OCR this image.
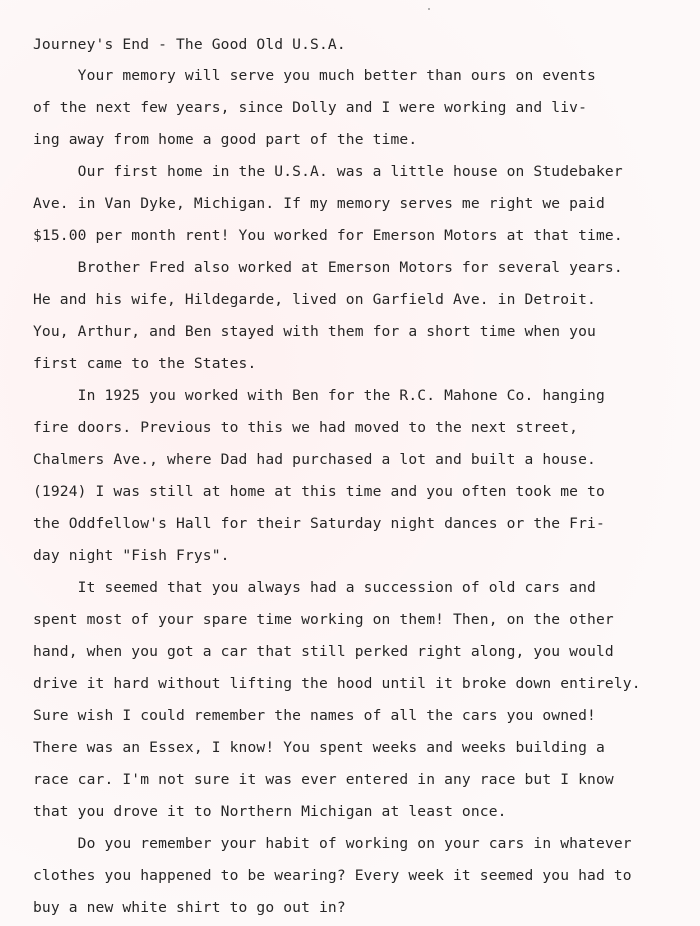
Journey's End - The Good Old U.S.A.
Your memory will serve you much better than ours on events
of the next few years, since Dolly and I were working and liv-
ing away from home a good part of the time.
Our first home in the U.S.A. was a little house on Studebaker
Ave. in Van Dyke, Michigan. If my memory serves me right we paid
$15.00 per month rent! You worked for Emerson Motors at that time.
Brother Fred also worked at Emerson Motors for several years.
He and his wife, Hildegarde, lived on Garfield Ave. in Detroit.
You, Arthur, and Ben stayed with them for a short time when you
first came to the States.
In 1925 you worked with Ben for the R.C. Mahone Co. hanging
fire doors. Previous to this we had moved to the next street,
Chalmers Ave., where Dad had purchased a lot and built a house.
(1924) I was still at home at this time and you often took me to
the Oddfellow's Hall for their Saturday night dances or the Fri-
day night "Fish Frys".
It seemed that you always had a succession of old cars and
spent most of your spare time working on them! Then, on the other
hand, when you got a car that still perked right along, you would
drive it hard without lifting the hood until it broke down entirely.
Sure wish I could remember the names of all the cars you owned!
There was an Essex, I know! You spent weeks and weeks building a
race car. I'm not sure it was ever entered in any race but I know
that you drove it to Northern Michigan at least once.
Do you remember your habit of working on your cars in whatever
clothes you happened to be wearing? Every week it seemed you had to
buy a new white shirt to go out in?
